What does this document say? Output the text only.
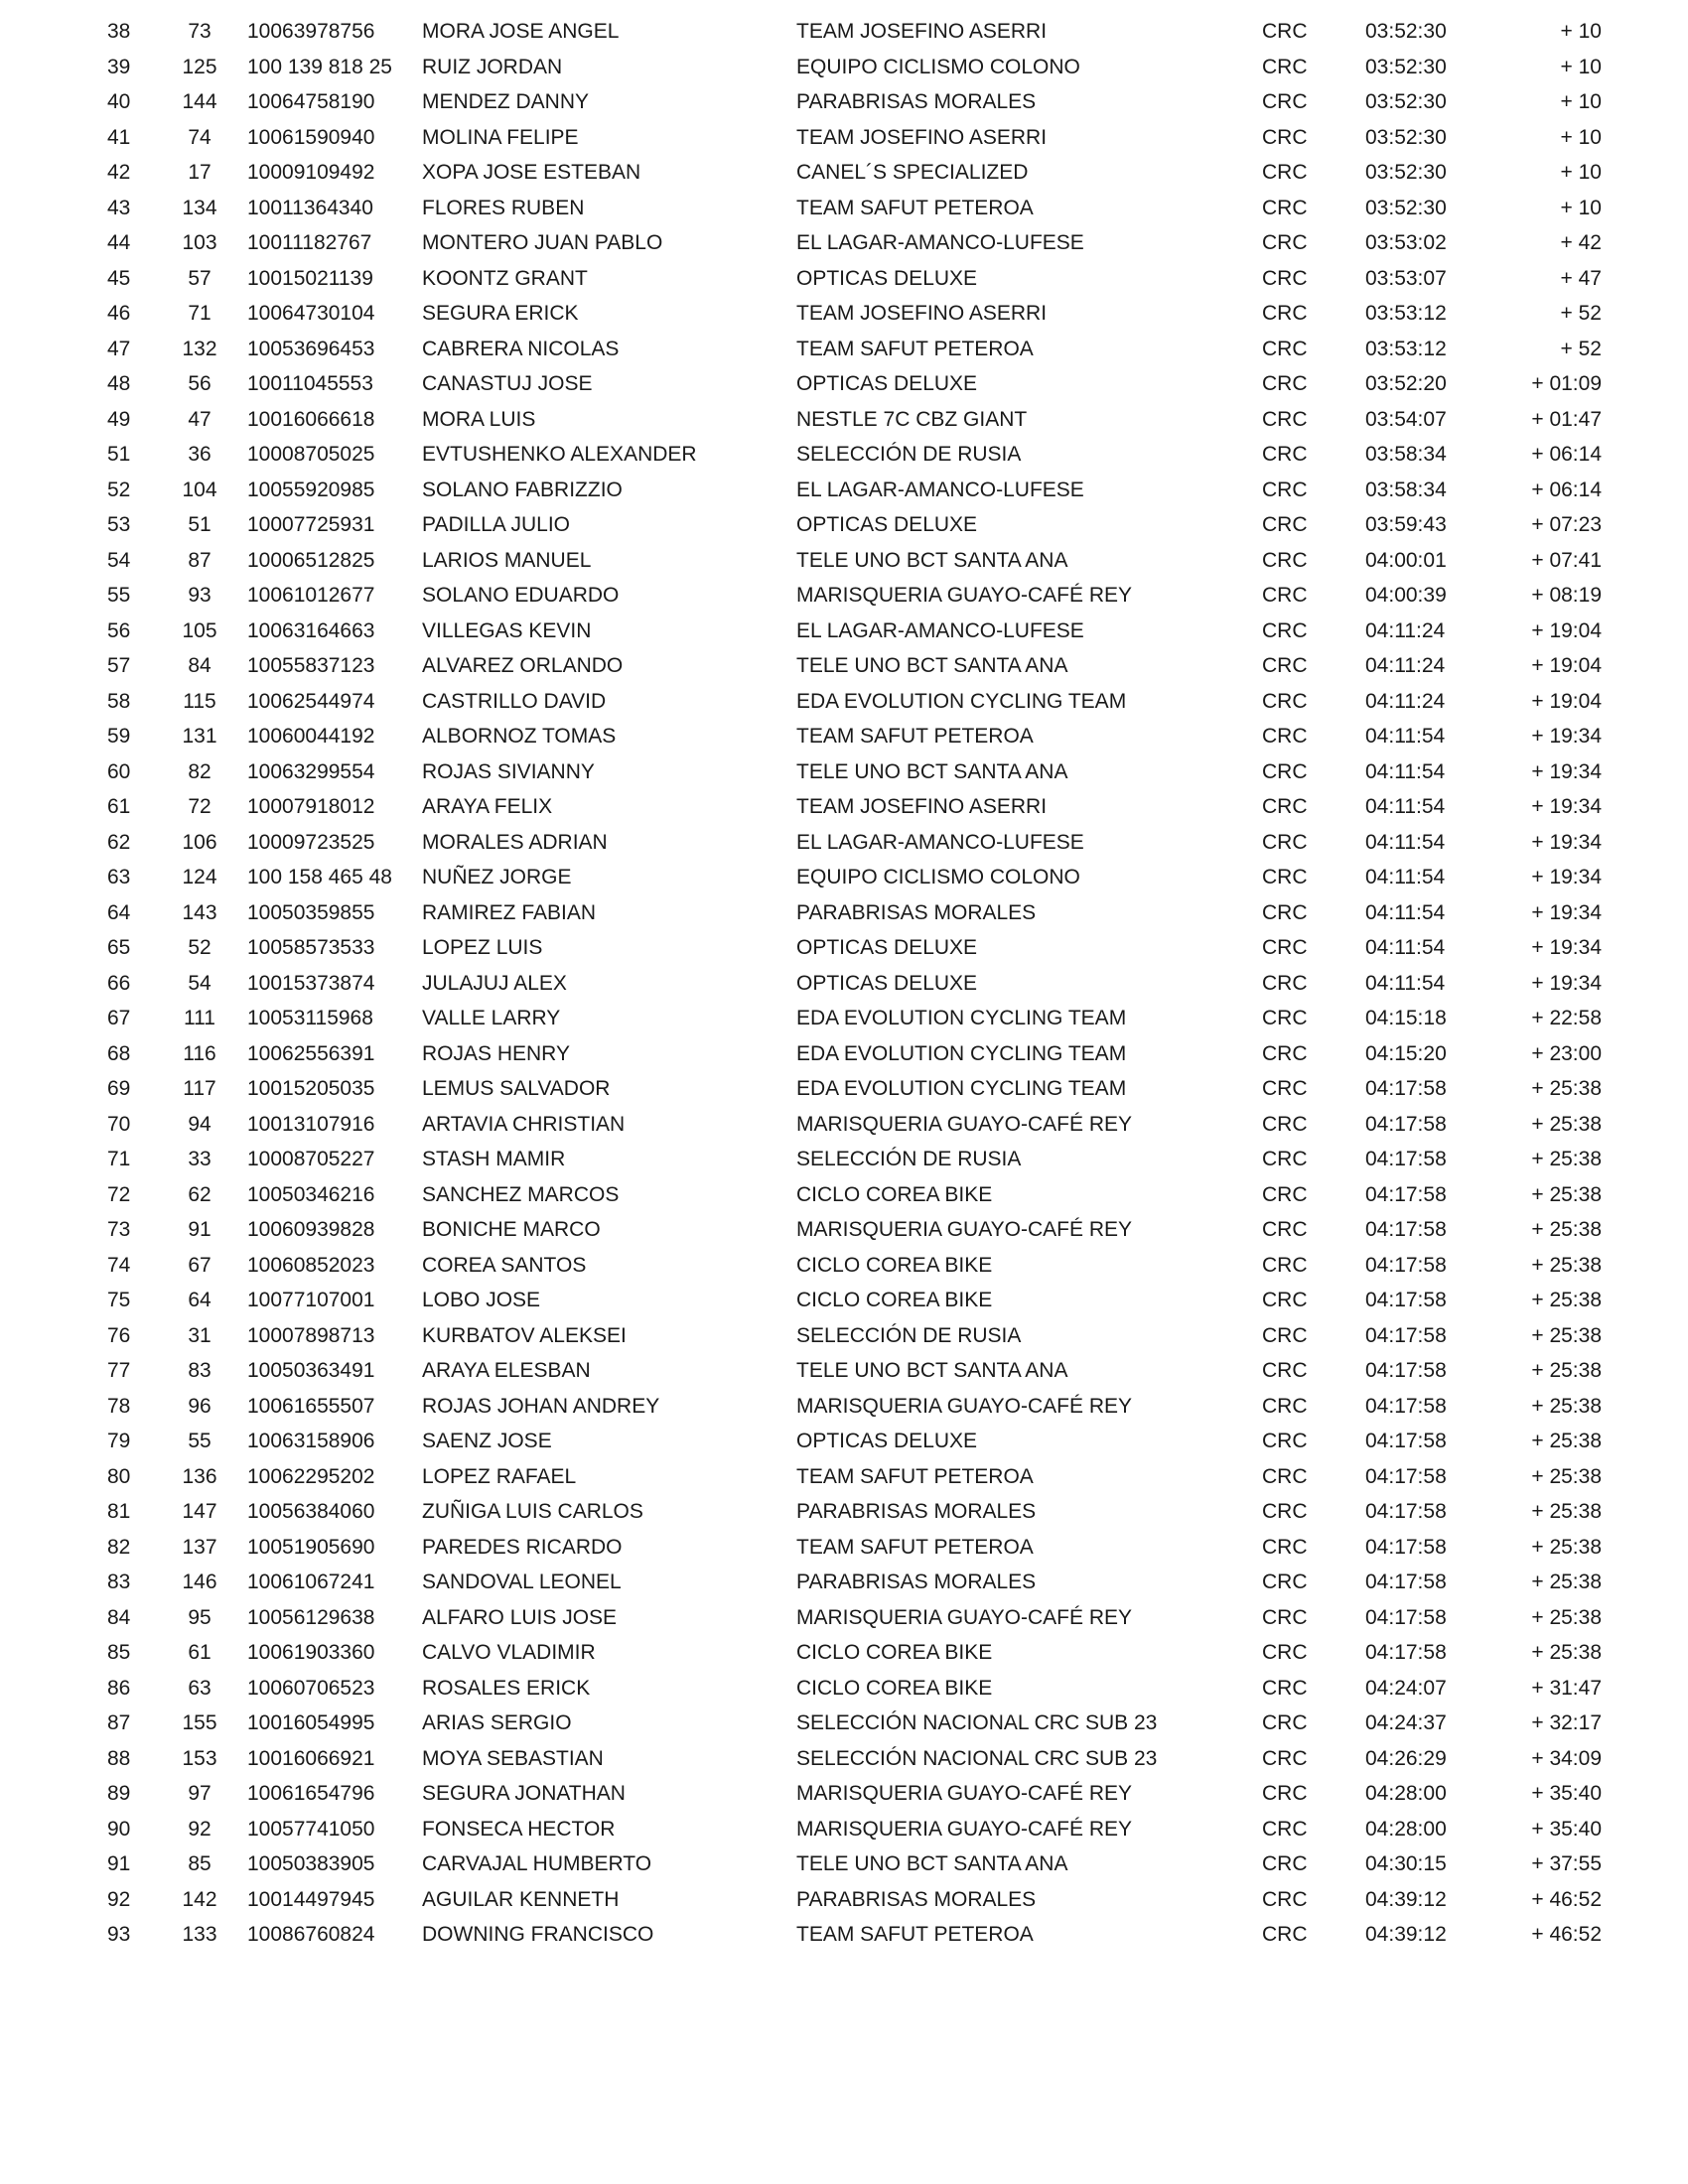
38	73	10063978756 MORA JOSE ANGEL	TEAM JOSEFINO ASERRI	CRC	03:52:30	+ 10
39	125	100 139 818 25 RUIZ JORDAN	EQUIPO CICLISMO COLONO	CRC	03:52:30	+ 10
40	144	10064758190 MENDEZ DANNY	PARABRISAS MORALES	CRC	03:52:30	+ 10
41	74	10061590940 MOLINA FELIPE	TEAM JOSEFINO ASERRI	CRC	03:52:30	+ 10
42	17	10009109492 XOPA JOSE ESTEBAN	CANEL´S SPECIALIZED	CRC	03:52:30	+ 10
43	134	10011364340 FLORES RUBEN	TEAM SAFUT PETEROA	CRC	03:52:30	+ 10
44	103	10011182767 MONTERO JUAN PABLO	EL LAGAR-AMANCO-LUFESE	CRC	03:53:02	+ 42
45	57	10015021139 KOONTZ GRANT	OPTICAS DELUXE	CRC	03:53:07	+ 47
46	71	10064730104 SEGURA ERICK	TEAM JOSEFINO ASERRI	CRC	03:53:12	+ 52
47	132	10053696453 CABRERA NICOLAS	TEAM SAFUT PETEROA	CRC	03:53:12	+ 52
48	56	10011045553 CANASTUJ JOSE	OPTICAS DELUXE	CRC	03:52:20	+ 01:09
49	47	10016066618 MORA LUIS	NESTLE 7C CBZ GIANT	CRC	03:54:07	+ 01:47
51	36	10008705025 EVTUSHENKO ALEXANDER	SELECCIÓN DE RUSIA	CRC	03:58:34	+ 06:14
52	104	10055920985 SOLANO FABRIZZIO	EL LAGAR-AMANCO-LUFESE	CRC	03:58:34	+ 06:14
53	51	10007725931 PADILLA JULIO	OPTICAS DELUXE	CRC	03:59:43	+ 07:23
54	87	10006512825 LARIOS MANUEL	TELE UNO BCT SANTA ANA	CRC	04:00:01	+ 07:41
55	93	10061012677 SOLANO EDUARDO	MARISQUERIA GUAYO-CAFÉ REY	CRC	04:00:39	+ 08:19
56	105	10063164663 VILLEGAS KEVIN	EL LAGAR-AMANCO-LUFESE	CRC	04:11:24	+ 19:04
57	84	10055837123 ALVAREZ ORLANDO	TELE UNO BCT SANTA ANA	CRC	04:11:24	+ 19:04
58	115	10062544974 CASTRILLO DAVID	EDA EVOLUTION CYCLING TEAM	CRC	04:11:24	+ 19:04
59	131	10060044192 ALBORNOZ TOMAS	TEAM SAFUT PETEROA	CRC	04:11:54	+ 19:34
60	82	10063299554 ROJAS SIVIANNY	TELE UNO BCT SANTA ANA	CRC	04:11:54	+ 19:34
61	72	10007918012 ARAYA FELIX	TEAM JOSEFINO ASERRI	CRC	04:11:54	+ 19:34
62	106	10009723525 MORALES ADRIAN	EL LAGAR-AMANCO-LUFESE	CRC	04:11:54	+ 19:34
63	124	100 158 465 48 NUÑEZ JORGE	EQUIPO CICLISMO COLONO	CRC	04:11:54	+ 19:34
64	143	10050359855 RAMIREZ FABIAN	PARABRISAS MORALES	CRC	04:11:54	+ 19:34
65	52	10058573533 LOPEZ LUIS	OPTICAS DELUXE	CRC	04:11:54	+ 19:34
66	54	10015373874 JULAJUJ ALEX	OPTICAS DELUXE	CRC	04:11:54	+ 19:34
67	111	10053115968 VALLE LARRY	EDA EVOLUTION CYCLING TEAM	CRC	04:15:18	+ 22:58
68	116	10062556391 ROJAS HENRY	EDA EVOLUTION CYCLING TEAM	CRC	04:15:20	+ 23:00
69	117	10015205035 LEMUS SALVADOR	EDA EVOLUTION CYCLING TEAM	CRC	04:17:58	+ 25:38
70	94	10013107916 ARTAVIA CHRISTIAN	MARISQUERIA GUAYO-CAFÉ REY	CRC	04:17:58	+ 25:38
71	33	10008705227 STASH MAMIR	SELECCIÓN DE RUSIA	CRC	04:17:58	+ 25:38
72	62	10050346216 SANCHEZ MARCOS	CICLO COREA BIKE	CRC	04:17:58	+ 25:38
73	91	10060939828 BONICHE MARCO	MARISQUERIA GUAYO-CAFÉ REY	CRC	04:17:58	+ 25:38
74	67	10060852023 COREA SANTOS	CICLO COREA BIKE	CRC	04:17:58	+ 25:38
75	64	10077107001 LOBO JOSE	CICLO COREA BIKE	CRC	04:17:58	+ 25:38
76	31	10007898713 KURBATOV ALEKSEI	SELECCIÓN DE RUSIA	CRC	04:17:58	+ 25:38
77	83	10050363491 ARAYA ELESBAN	TELE UNO BCT SANTA ANA	CRC	04:17:58	+ 25:38
78	96	10061655507 ROJAS JOHAN ANDREY	MARISQUERIA GUAYO-CAFÉ REY	CRC	04:17:58	+ 25:38
79	55	10063158906 SAENZ JOSE	OPTICAS DELUXE	CRC	04:17:58	+ 25:38
80	136	10062295202 LOPEZ RAFAEL	TEAM SAFUT PETEROA	CRC	04:17:58	+ 25:38
81	147	10056384060 ZUÑIGA LUIS CARLOS	PARABRISAS MORALES	CRC	04:17:58	+ 25:38
82	137	10051905690 PAREDES RICARDO	TEAM SAFUT PETEROA	CRC	04:17:58	+ 25:38
83	146	10061067241 SANDOVAL LEONEL	PARABRISAS MORALES	CRC	04:17:58	+ 25:38
84	95	10056129638 ALFARO LUIS JOSE	MARISQUERIA GUAYO-CAFÉ REY	CRC	04:17:58	+ 25:38
85	61	10061903360 CALVO VLADIMIR	CICLO COREA BIKE	CRC	04:17:58	+ 25:38
86	63	10060706523 ROSALES ERICK	CICLO COREA BIKE	CRC	04:24:07	+ 31:47
87	155	10016054995 ARIAS SERGIO	SELECCIÓN NACIONAL CRC SUB 23	CRC	04:24:37	+ 32:17
88	153	10016066921 MOYA SEBASTIAN	SELECCIÓN NACIONAL CRC SUB 23	CRC	04:26:29	+ 34:09
89	97	10061654796 SEGURA JONATHAN	MARISQUERIA GUAYO-CAFÉ REY	CRC	04:28:00	+ 35:40
90	92	10057741050 FONSECA HECTOR	MARISQUERIA GUAYO-CAFÉ REY	CRC	04:28:00	+ 35:40
91	85	10050383905 CARVAJAL HUMBERTO	TELE UNO BCT SANTA ANA	CRC	04:30:15	+ 37:55
92	142	10014497945 AGUILAR KENNETH	PARABRISAS MORALES	CRC	04:39:12	+ 46:52
93	133	10086760824 DOWNING FRANCISCO	TEAM SAFUT PETEROA	CRC	04:39:12	+ 46:52
